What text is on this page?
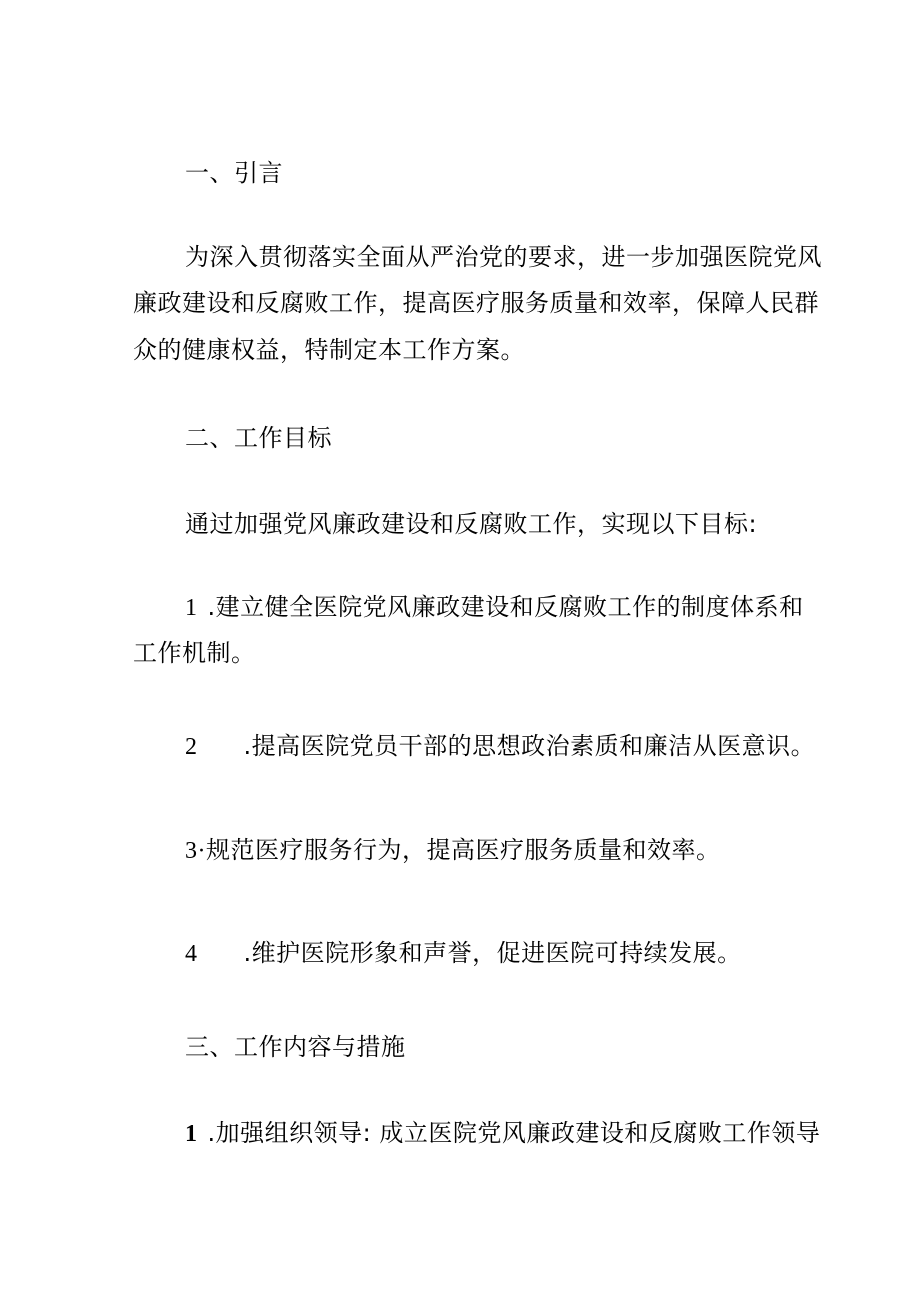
一、引言
为深入贯彻落实全面从严治党的要求，进一步加强医院党风
廉政建设和反腐败工作，提高医疗服务质量和效率，保障人民群
众的健康权益，特制定本工作方案。
二、工作目标
通过加强党风廉政建设和反腐败工作，实现以下目标:
1 .建立健全医院党风廉政建设和反腐败工作的制度体系和
工作机制。
2 .提高医院党员干部的思想政治素质和廉洁从医意识。
3·规范医疗服务行为，提高医疗服务质量和效率。
4 .维护医院形象和声誉，促进医院可持续发展。
三、工作内容与措施
1 .加强组织领导: 成立医院党风廉政建设和反腐败工作领导
